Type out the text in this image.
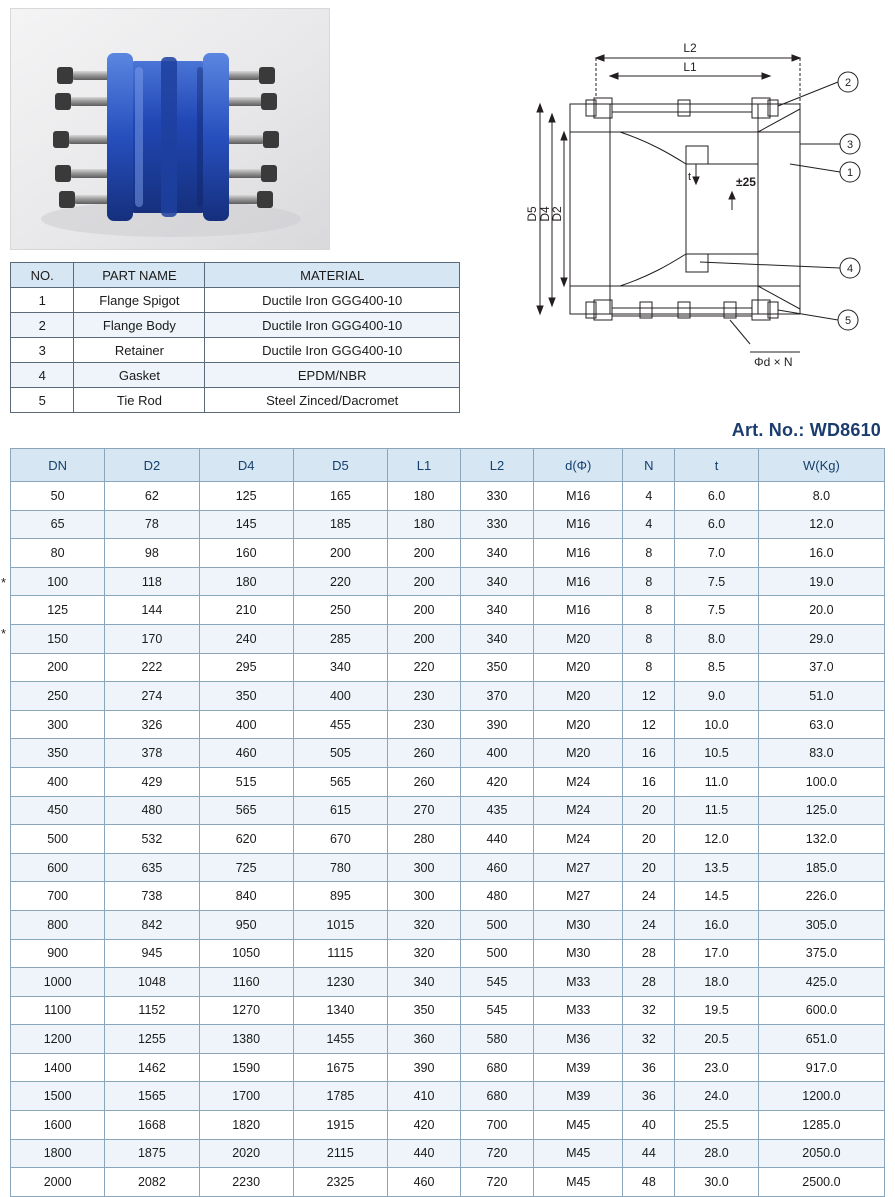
NO.	PART NAME	MATERIAL
1	Flange Spigot	Ductile Iron GGG400-10
2	Flange Body	Ductile Iron GGG400-10
3	Retainer	Ductile Iron GGG400-10
4	Gasket	EPDM/NBR
5	Tie Rod	Steel Zinced/Dacromet
L2
L1
D5 D4
D2
±25
t
Φd × N
2
3
1
4
5
Art. No.: WD8610
*
*
DN	D2	D4	D5	L1	L2	d(Φ)	N	t	W(Kg)
50	62	125	165	180	330	M16	4	6.0	8.0
65	78	145	185	180	330	M16	4	6.0	12.0
80	98	160	200	200	340	M16	8	7.0	16.0
100	118	180	220	200	340	M16	8	7.5	19.0
125	144	210	250	200	340	M16	8	7.5	20.0
150	170	240	285	200	340	M20	8	8.0	29.0
200	222	295	340	220	350	M20	8	8.5	37.0
250	274	350	400	230	370	M20	12	9.0	51.0
300	326	400	455	230	390	M20	12	10.0	63.0
350	378	460	505	260	400	M20	16	10.5	83.0
400	429	515	565	260	420	M24	16	11.0	100.0
450	480	565	615	270	435	M24	20	11.5	125.0
500	532	620	670	280	440	M24	20	12.0	132.0
600	635	725	780	300	460	M27	20	13.5	185.0
700	738	840	895	300	480	M27	24	14.5	226.0
800	842	950	1015	320	500	M30	24	16.0	305.0
900	945	1050	1115	320	500	M30	28	17.0	375.0
1000	1048	1160	1230	340	545	M33	28	18.0	425.0
1100	1152	1270	1340	350	545	M33	32	19.5	600.0
1200	1255	1380	1455	360	580	M36	32	20.5	651.0
1400	1462	1590	1675	390	680	M39	36	23.0	917.0
1500	1565	1700	1785	410	680	M39	36	24.0	1200.0
1600	1668	1820	1915	420	700	M45	40	25.5	1285.0
1800	1875	2020	2115	440	720	M45	44	28.0	2050.0
2000	2082	2230	2325	460	720	M45	48	30.0	2500.0
